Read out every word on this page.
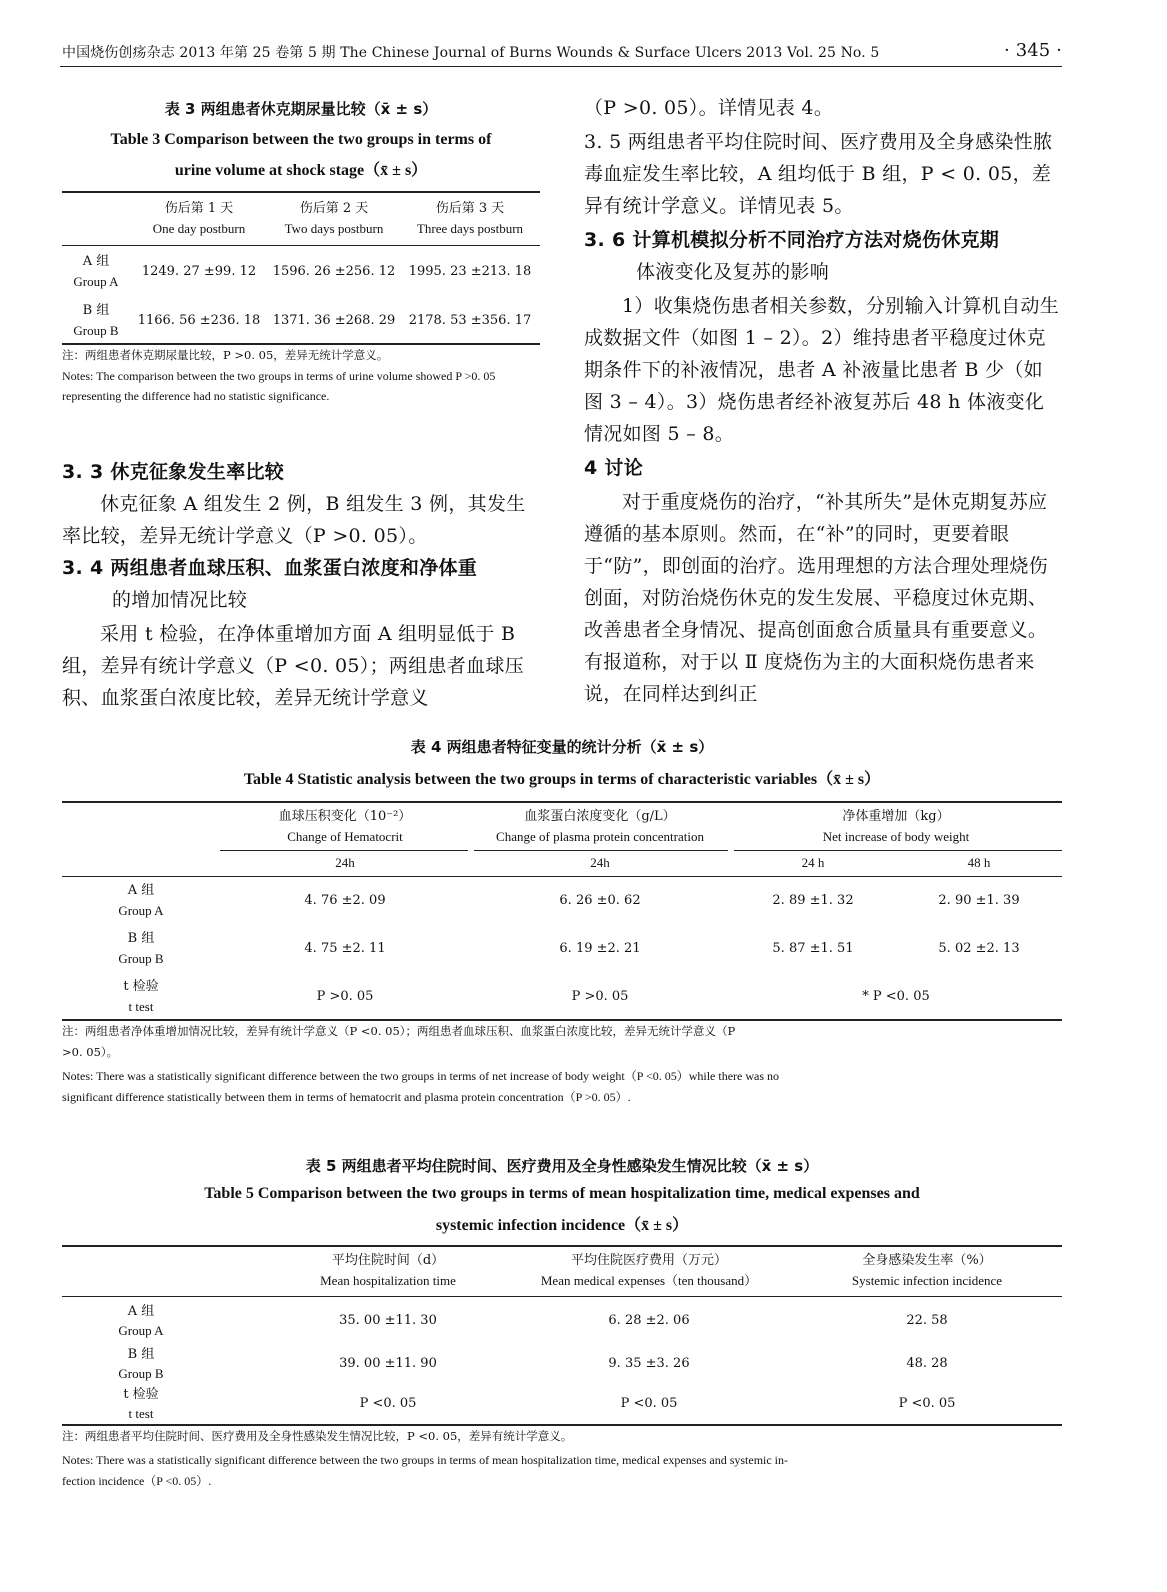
中国烧伤创疡杂志 2013 年第 25 卷第 5 期 The Chinese Journal of Burns Wounds & Surface Ulcers 2013 Vol. 25 No. 5	· 345 ·
表 3 两组患者休克期尿量比较（x̄ ± s）
Table 3 Comparison between the two groups in terms of
urine volume at shock stage（x̄ ± s）
伤后第 1 天
One day postburn
伤后第 2 天
Two days postburn
伤后第 3 天
Three days postburn
A 组
Group A
1249. 27 ±99. 12	1596. 26 ±256. 12	1995. 23 ±213. 18
B 组
Group B
1166. 56 ±236. 18 1371. 36 ±268. 29	2178. 53 ±356. 17
注：两组患者休克期尿量比较，P >0. 05，差异无统计学意义。
Notes: The comparison between the two groups in terms of urine volume showed P >0. 05 representing the difference had no statistic significance.
3. 3 休克征象发生率比较
休克征象 A 组发生 2 例，B 组发生 3 例，其发生率比较，差异无统计学意义（P >0. 05）。
3. 4 两组患者血球压积、血浆蛋白浓度和净体重
的增加情况比较
采用 t 检验，在净体重增加方面 A 组明显低于 B 组，差异有统计学意义（P <0. 05）；两组患者血球压积、血浆蛋白浓度比较，差异无统计学意义
（P >0. 05）。详情见表 4。
3. 5 两组患者平均住院时间、医疗费用及全身感染性脓毒血症发生率比较，A 组均低于 B 组，P < 0. 05，差异有统计学意义。详情见表 5。
3. 6 计算机模拟分析不同治疗方法对烧伤休克期
体液变化及复苏的影响
1）收集烧伤患者相关参数，分别输入计算机自动生成数据文件（如图 1 – 2）。2）维持患者平稳度过休克期条件下的补液情况，患者 A 补液量比患者 B 少（如图 3 – 4）。3）烧伤患者经补液复苏后 48 h 体液变化情况如图 5 – 8。
4 讨论
对于重度烧伤的治疗，“补其所失”是休克期复苏应遵循的基本原则。然而，在“补”的同时，更要着眼于“防”，即创面的治疗。选用理想的方法合理处理烧伤创面，对防治烧伤休克的发生发展、平稳度过休克期、改善患者全身情况、提高创面愈合质量具有重要意义。有报道称，对于以 Ⅱ 度烧伤为主的大面积烧伤患者来说，在同样达到纠正
表 4 两组患者特征变量的统计分析（x̄ ± s）
Table 4 Statistic analysis between the two groups in terms of characteristic variables（x̄ ± s）
血球压积变化（10⁻²）
Change of Hematocrit
血浆蛋白浓度变化（g/L）
Change of plasma protein concentration
净体重增加（kg）
Net increase of body weight
24h	24h	24 h	48 h
A 组
Group A
4. 76 ±2. 09	6. 26 ±0. 62	2. 89 ±1. 32	2. 90 ±1. 39
B 组
Group B
4. 75 ±2. 11	6. 19 ±2. 21	5. 87 ±1. 51	5. 02 ±2. 13
t 检验
t test
P >0. 05	P >0. 05	* P <0. 05
注：两组患者净体重增加情况比较，差异有统计学意义（P <0. 05）；两组患者血球压积、血浆蛋白浓度比较，差异无统计学意义（P
>0. 05）。
Notes: There was a statistically significant difference between the two groups in terms of net increase of body weight（P <0. 05）while there was no
significant difference statistically between them in terms of hematocrit and plasma protein concentration（P >0. 05）.
表 5 两组患者平均住院时间、医疗费用及全身性感染发生情况比较（x̄ ± s）
Table 5 Comparison between the two groups in terms of mean hospitalization time, medical expenses and
systemic infection incidence（x̄ ± s）
平均住院时间（d）
Mean hospitalization time
平均住院医疗费用（万元）
Mean medical expenses（ten thousand）
全身感染发生率（%）
Systemic infection incidence
A 组
Group A
35. 00 ±11. 30	6. 28 ±2. 06	22. 58
B 组
Group B
39. 00 ±11. 90	9. 35 ±3. 26	48. 28
t 检验
t test
P <0. 05	P <0. 05	P <0. 05
注：两组患者平均住院时间、医疗费用及全身性感染发生情况比较，P <0. 05，差异有统计学意义。
Notes: There was a statistically significant difference between the two groups in terms of mean hospitalization time, medical expenses and systemic in-
fection incidence（P <0. 05）.
